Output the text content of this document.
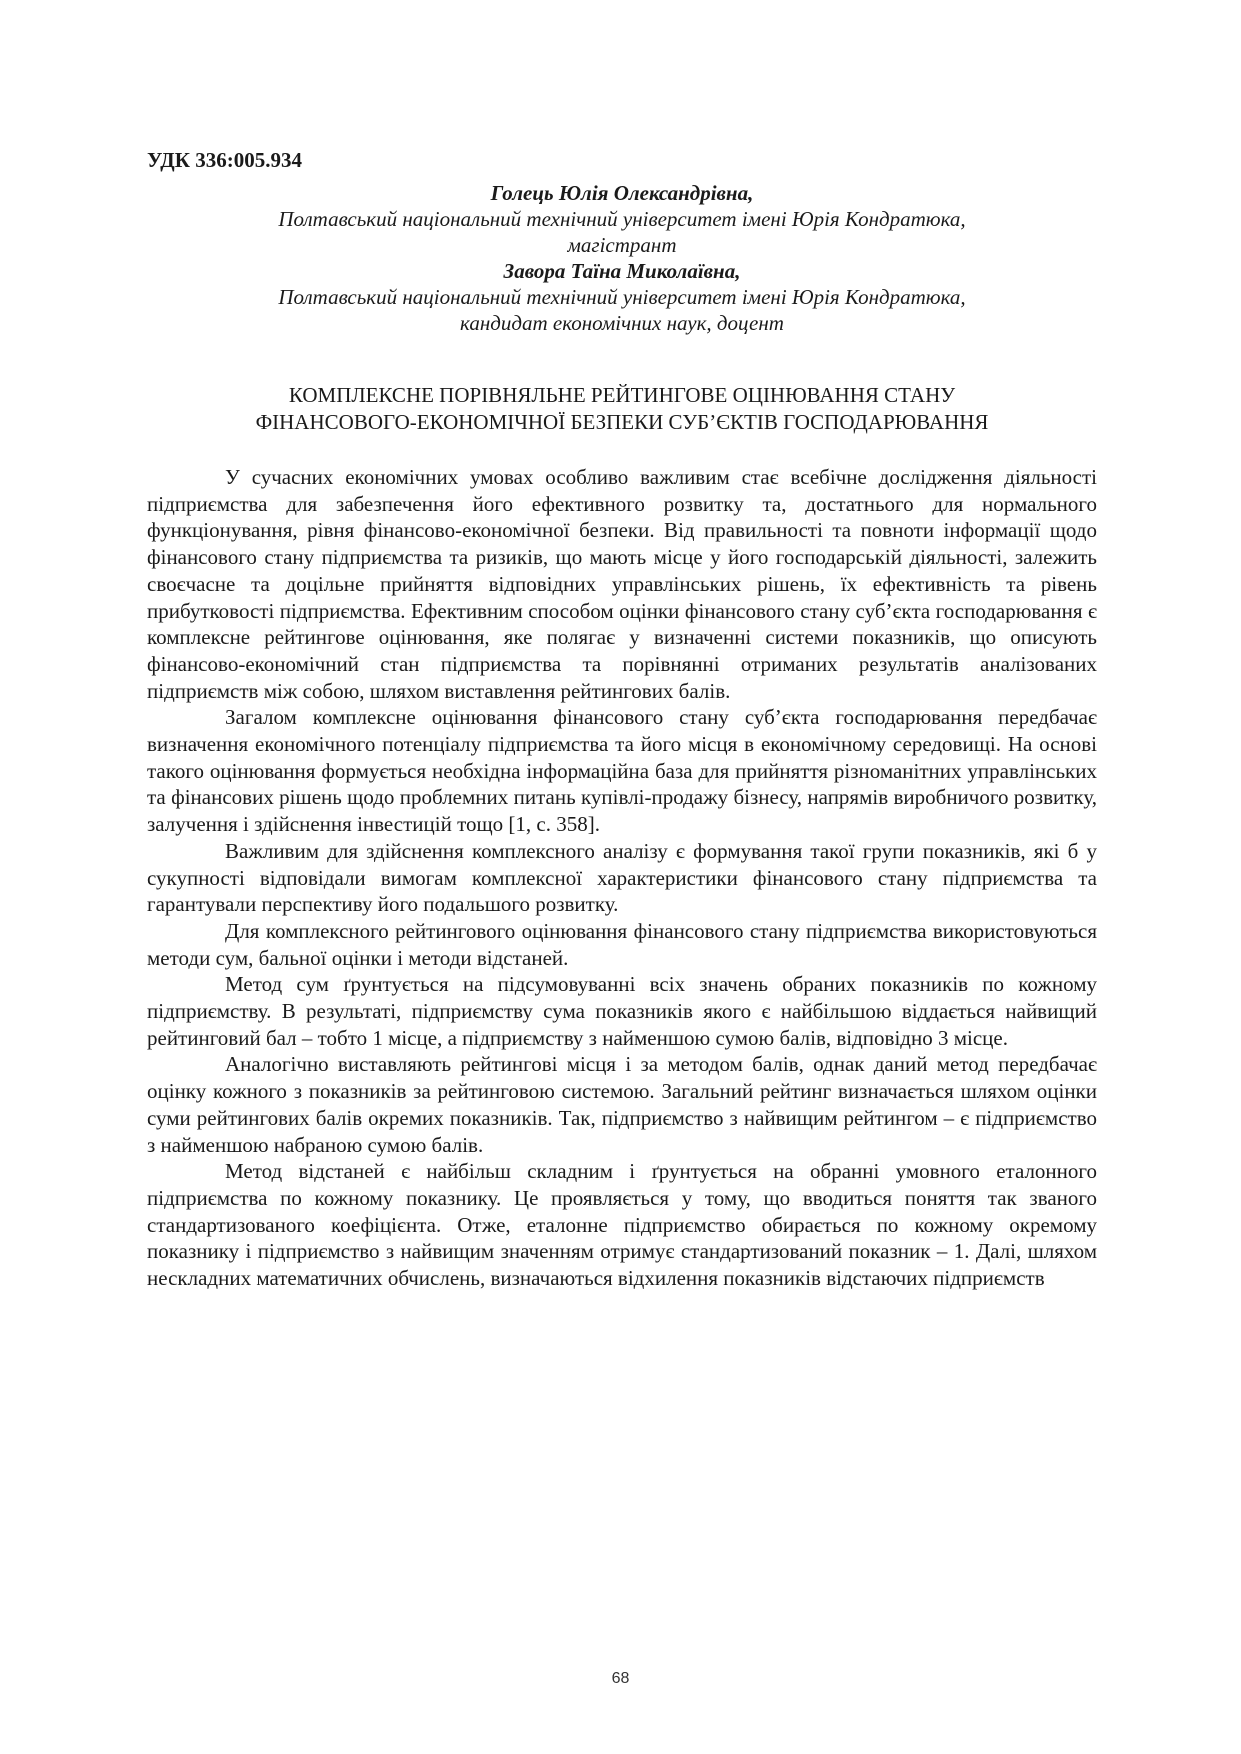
УДК 336:005.934

Голець Юлія Олександрівна,

Полтавський національний технічний університет імені Юрія Кондратюка,

магістрант

Завора Таїна Миколаївна,

Полтавський національний технічний університет імені Юрія Кондратюка,

кандидат економічних наук, доцент

КОМПЛЕКСНЕ ПОРІВНЯЛЬНЕ РЕЙТИНГОВЕ ОЦІНЮВАННЯ СТАНУ
ФІНАНСОВОГО-ЕКОНОМІЧНОЇ БЕЗПЕКИ СУБ’ЄКТІВ ГОСПОДАРЮВАННЯ

У сучасних економічних умовах особливо важливим стає всебічне дослідження діяльності підприємства для забезпечення його ефективного розвитку та, достатнього для нормального функціонування, рівня фінансово-економічної безпеки. Від правильності та повноти інформації щодо фінансового стану підприємства та ризиків, що мають місце у його господарській діяльності, залежить своєчасне та доцільне прийняття відповідних управлінських рішень, їх ефективність та рівень прибутковості підприємства. Ефективним способом оцінки фінансового стану суб’єкта господарювання є комплексне рейтингове оцінювання, яке полягає у визначенні системи показників, що описують фінансово-економічний стан підприємства та порівнянні отриманих результатів аналізованих підприємств між собою, шляхом виставлення рейтингових балів.

Загалом комплексне оцінювання фінансового стану суб’єкта господарювання передбачає визначення економічного потенціалу підприємства та його місця в економічному середовищі. На основі такого оцінювання формується необхідна інформаційна база для прийняття різноманітних управлінських та фінансових рішень щодо проблемних питань купівлі-продажу бізнесу, напрямів виробничого розвитку, залучення і здійснення інвестицій тощо [1, с. 358].

Важливим для здійснення комплексного аналізу є формування такої групи показників, які б у сукупності відповідали вимогам комплексної характеристики фінансового стану підприємства та гарантували перспективу його подальшого розвитку.

Для комплексного рейтингового оцінювання фінансового стану підприємства використовуються методи сум, бальної оцінки і методи відстаней.

Метод сум ґрунтується на підсумовуванні всіх значень обраних показників по кожному підприємству. В результаті, підприємству сума показників якого є найбільшою віддається найвищий рейтинговий бал – тобто 1 місце, а підприємству з найменшою сумою балів, відповідно 3 місце.

Аналогічно виставляють рейтингові місця і за методом балів, однак даний метод передбачає оцінку кожного з показників за рейтинговою системою. Загальний рейтинг визначається шляхом оцінки суми рейтингових балів окремих показників. Так, підприємство з найвищим рейтингом – є підприємство з найменшою набраною сумою балів.

Метод відстаней є найбільш складним і ґрунтується на обранні умовного еталонного підприємства по кожному показнику. Це проявляється у тому, що вводиться поняття так званого стандартизованого коефіцієнта. Отже, еталонне підприємство обирається по кожному окремому показнику і підприємство з найвищим значенням отримує стандартизований показник – 1. Далі, шляхом нескладних математичних обчислень, визначаються відхилення показників відстаючих підприємств

68
